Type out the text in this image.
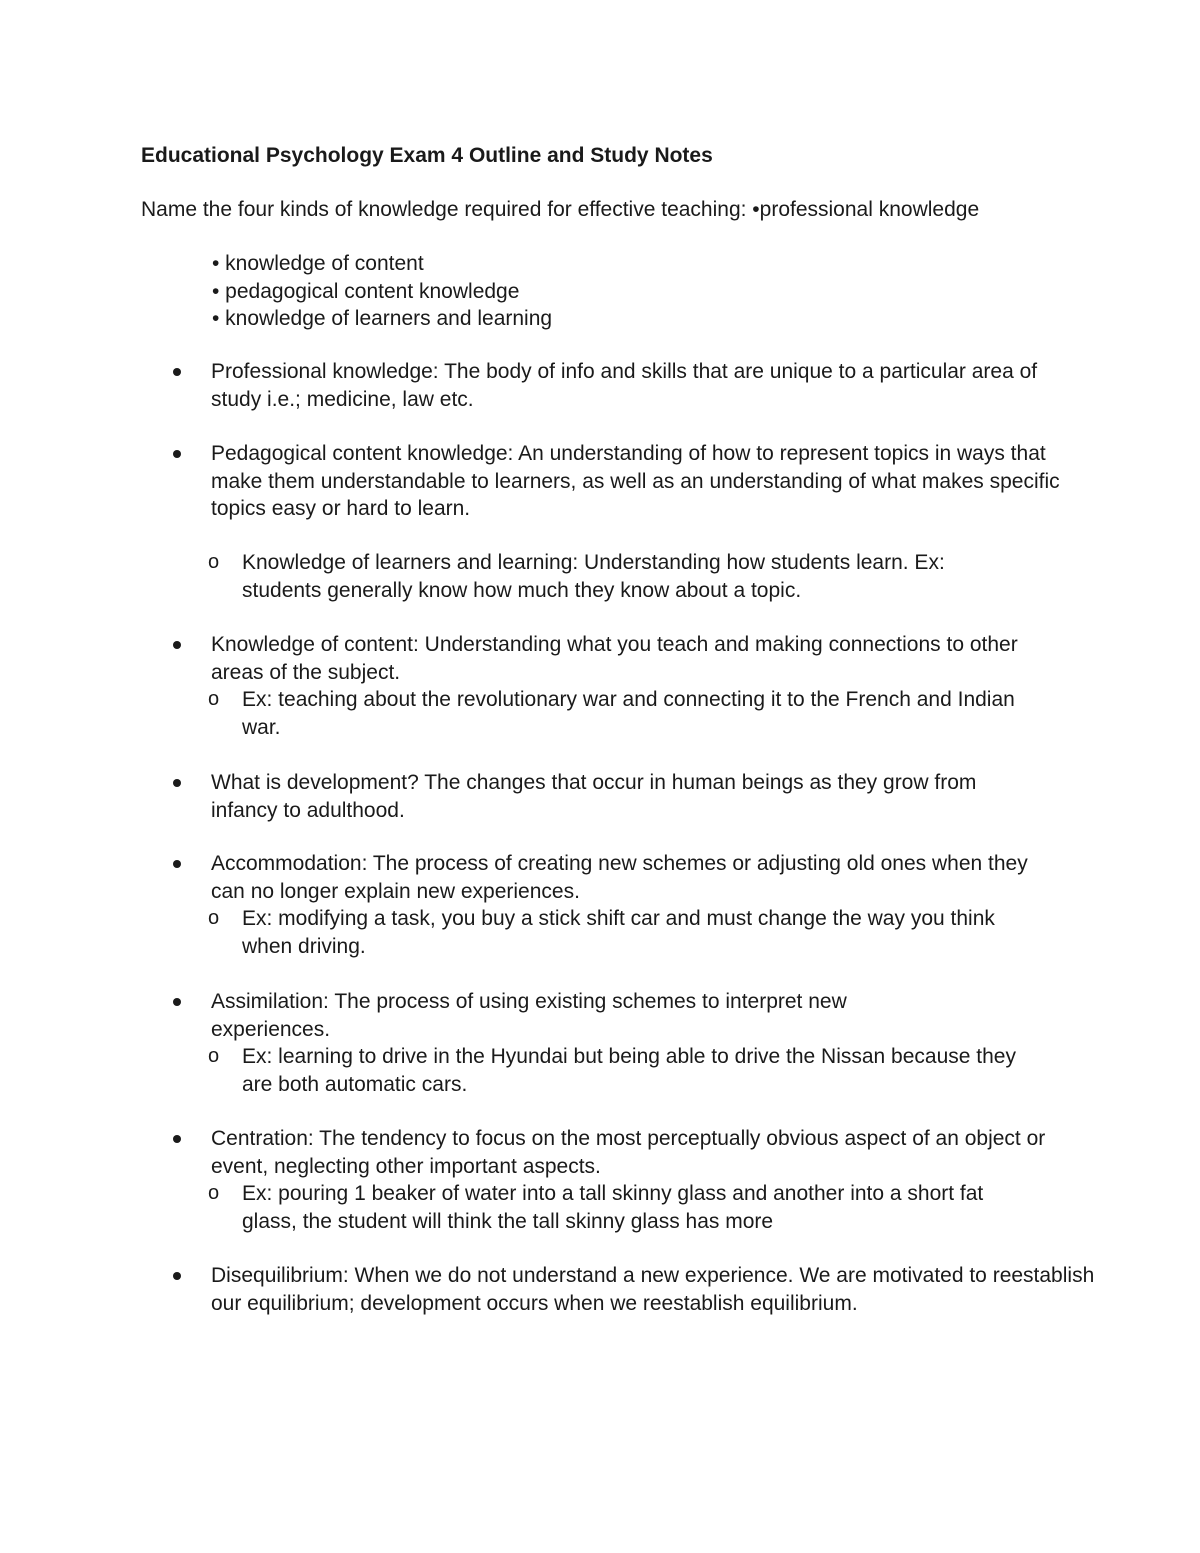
Educational Psychology Exam 4 Outline and Study Notes

Name the four kinds of knowledge required for effective teaching: •professional knowledge

• knowledge of content
• pedagogical content knowledge
• knowledge of learners and learning
Professional knowledge: The body of info and skills that are unique to a particular area of study i.e.; medicine, law etc.
Pedagogical content knowledge: An understanding of how to represent topics in ways that make them understandable to learners, as well as an understanding of what makes specific topics easy or hard to learn.
o Knowledge of learners and learning: Understanding how students learn. Ex: students generally know how much they know about a topic.
Knowledge of content: Understanding what you teach and making connections to other areas of the subject.
o Ex: teaching about the revolutionary war and connecting it to the French and Indian war.
What is development? The changes that occur in human beings as they grow from infancy to adulthood.
Accommodation: The process of creating new schemes or adjusting old ones when they can no longer explain new experiences.
o Ex: modifying a task, you buy a stick shift car and must change the way you think when driving.
Assimilation: The process of using existing schemes to interpret new experiences.
o Ex: learning to drive in the Hyundai but being able to drive the Nissan because they are both automatic cars.
Centration: The tendency to focus on the most perceptually obvious aspect of an object or event, neglecting other important aspects.
o Ex: pouring 1 beaker of water into a tall skinny glass and another into a short fat glass, the student will think the tall skinny glass has more
Disequilibrium: When we do not understand a new experience. We are motivated to reestablish our equilibrium; development occurs when we reestablish equilibrium.
